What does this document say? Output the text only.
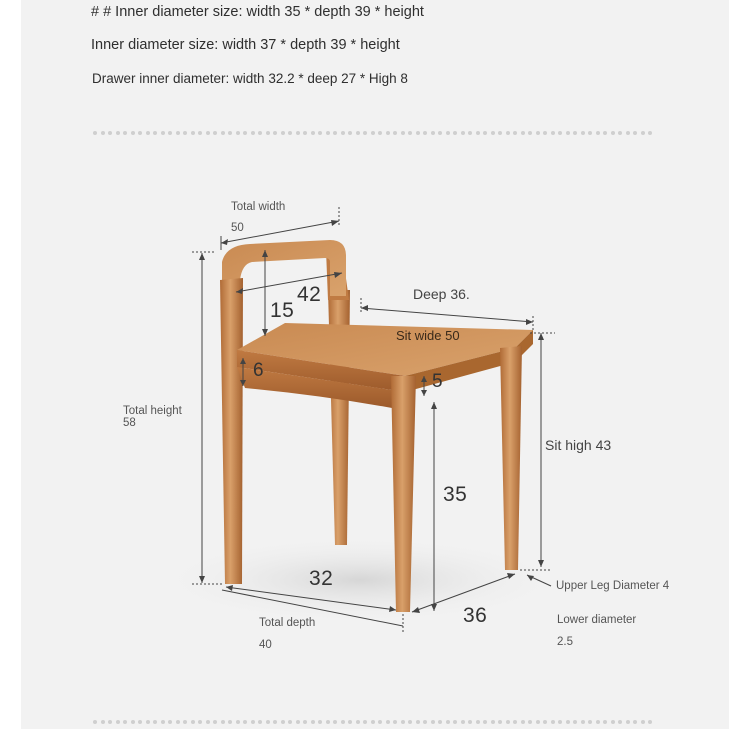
# # Inner diameter size: width 35 * depth 39 * height
Inner diameter size: width 37 * depth 39 * height
Drawer inner diameter: width 32.2 * deep 27 * High 8
Total width
50
42
15
Deep 36.
Sit wide 50
6
5
Total height
58
Sit high 43
35
32
36
Total depth
40
Upper Leg Diameter 4
Lower diameter
2.5
